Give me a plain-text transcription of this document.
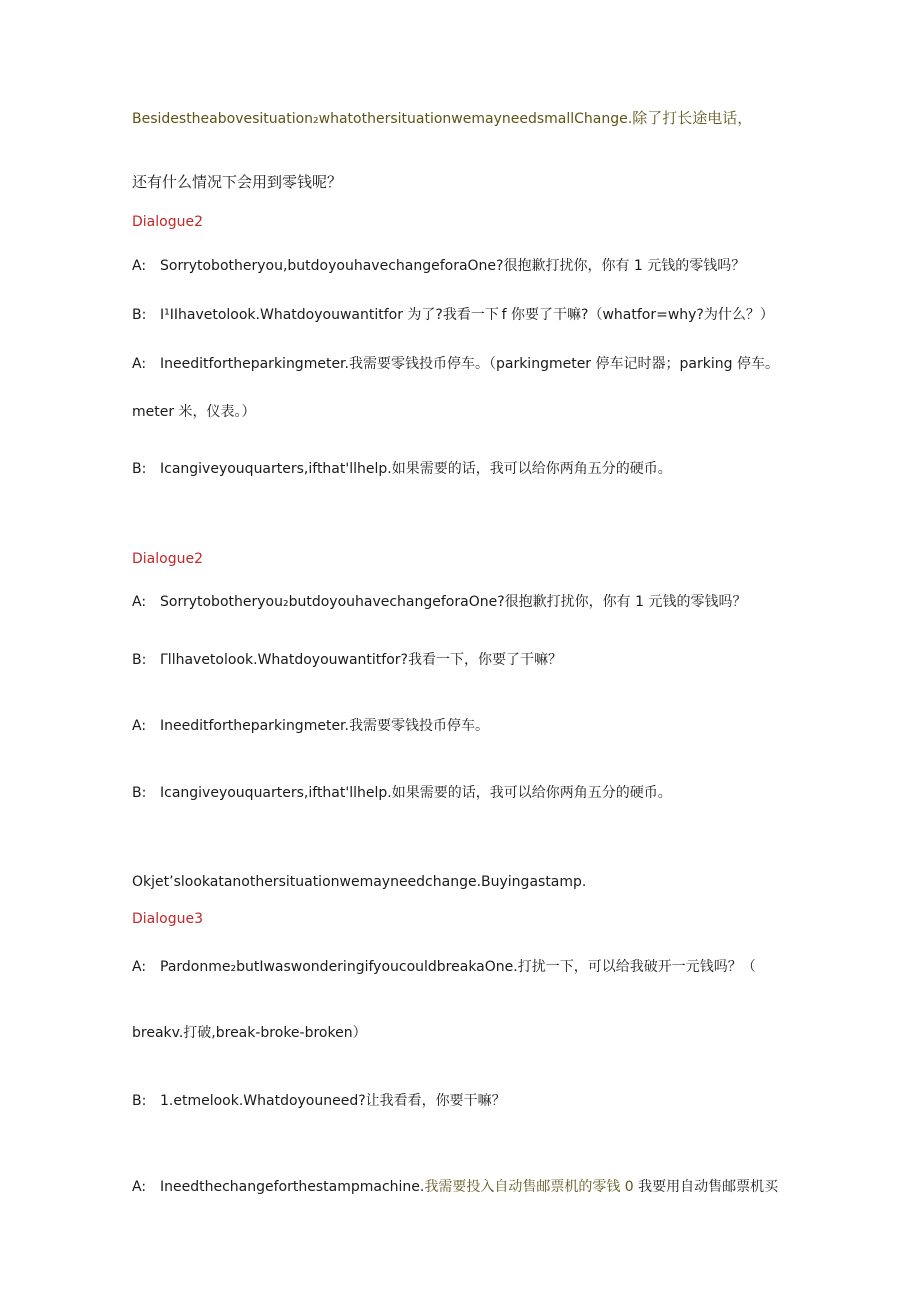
Besidestheabovesituation₂whatothersituationwemayneedsmallChange.除了打长途电话，
还有什么情况下会用到零钱呢？
Dialogue2
A: Sorrytobotheryou,butdoyouhavechangeforaOne?很抱歉打扰你，你有 1 元钱的零钱吗？
B: I¹IIhavetolook.Whatdoyouwantitfor 为了?我看一下 f 你要了干嘛?（whatfor=why?为什么？）
A: Ineeditfortheparkingmeter.我需要零钱投币停车。（parkingmeter 停车记时器；parking 停车。
meter 米，仪表。）
B: Icangiveyouquarters,ifthat'llhelp.如果需要的话，我可以给你两角五分的硬币。
Dialogue2
A: Sorrytobotheryou₂butdoyouhavechangeforaOne?很抱歉打扰你，你有 1 元钱的零钱吗？
B: Γllhavetolook.Whatdoyouwantitfor?我看一下，你要了干嘛？
A: Ineeditfortheparkingmeter.我需要零钱投币停车。
B: Icangiveyouquarters,ifthat'llhelp.如果需要的话，我可以给你两角五分的硬币。
Okjet’slookatanothersituationwemayneedchange.Buyingastamp.
Dialogue3
A: Pardonme₂butIwaswonderingifyoucouldbreakaOne.打扰一下，可以给我破开一元钱吗？（
breakv.打破,break-broke-broken）
B: 1.etmelook.Whatdoyouneed?让我看看，你要干嘛？
A: Ineedthechangeforthestampmachine.我需要投入自动售邮票机的零钱 0 我要用自动售邮票机买
